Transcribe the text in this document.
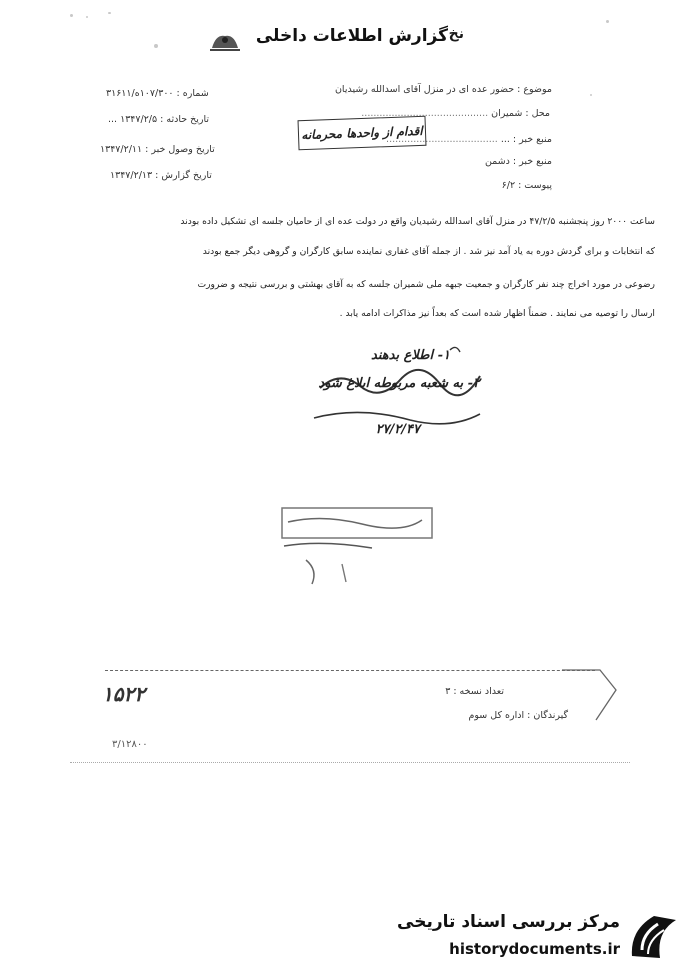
گزارش اطلاعات داخلی نخ
موضوع : حضور عده ای در منزل آقای اسدالله رشیدیان
محل : شمیران ..........................................
منبع خبر : ... .....................................
منبع خبر : دشمن
پیوست : ۶/۲
شماره : ۱۰۷/۳۰۰ه/۳۱۶۱۱
تاریخ حادثه : ۱۳۴۷/۲/۵ ...
تاریخ وصول خبر : ۱۳۴۷/۲/۱۱
تاریخ گزارش : ۱۳۴۷/۲/۱۳
اقدام از واحدها محرمانه
ساعت ۲۰۰۰ روز پنجشنبه ۴۷/۲/۵ در منزل آقای اسدالله رشیدیان واقع در دولت عده ای از حامیان جلسه ای تشکیل داده بودند
که انتخابات و برای گردش دوره به یاد آمد نیز شد . از جمله آقای غفاری نماینده سابق کارگران و گروهی دیگر جمع بودند
رضوعی در مورد اخراج چند نفر کارگران و جمعیت جبهه ملی شمیران جلسه که به آقای بهشتی و بررسی نتیجه و ضرورت
ارسال را توصیه می نمایند . ضمناً اظهار شده است که بعداً نیز مذاکرات ادامه یابد .
۱- اطلاع بدهند
۲- به شعبه مربوطه ابلاغ شود
۲۷/۲/۴۷
تعداد نسخه : ۳
گیرندگان : اداره کل سوم
۱۵۲۲
۳/۱۲۸۰۰
مرکز بررسی اسناد تاریخی
historydocuments.ir
